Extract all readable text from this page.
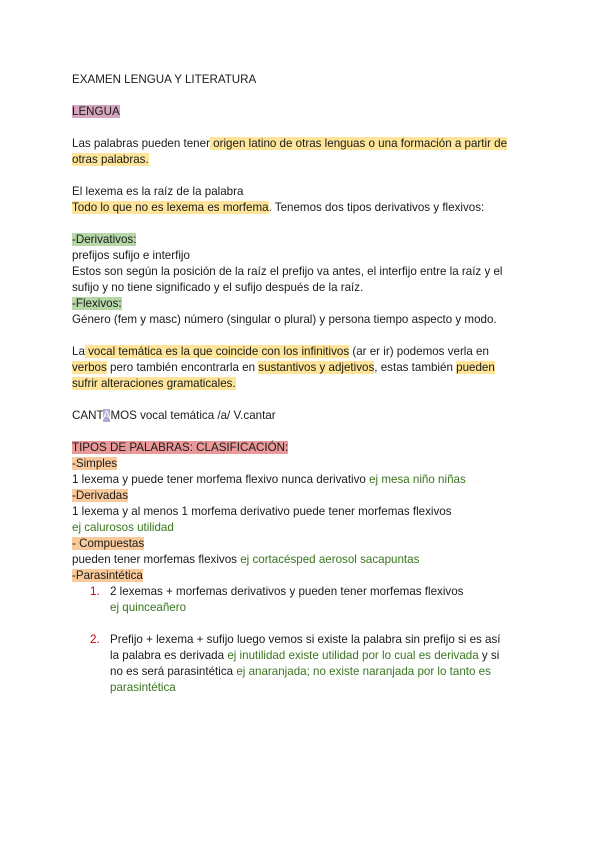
EXAMEN LENGUA Y LITERATURA

LENGUA

Las palabras pueden tener origen latino de otras lenguas o una formación a partir de
otras palabras.

El lexema es la raíz de la palabra
Todo lo que no es lexema es morfema. Tenemos dos tipos derivativos y flexivos:

-Derivativos:
prefijos sufijo e interfijo
Estos son según la posición de la raíz el prefijo va antes, el interfijo entre la raíz y el
sufijo y no tiene significado y el sufijo después de la raíz.
-Flexivos:
Género (fem y masc) número (singular o plural) y persona tiempo aspecto y modo.

La vocal temática es la que coincide con los infinitivos (ar er ir) podemos verla en
verbos pero también encontrarla en sustantivos y adjetivos, estas también pueden
sufrir alteraciones gramaticales.

CANTAMOS vocal temática /a/ V.cantar

TIPOS DE PALABRAS: CLASIFICACIÓN:
-Simples
1 lexema y puede tener morfema flexivo nunca derivativo ej mesa niño niñas
-Derivadas
1 lexema y al menos 1 morfema derivativo puede tener morfemas flexivos
ej calurosos utilidad
- Compuestas
pueden tener morfemas flexivos ej cortacésped aerosol sacapuntas
-Parasintética

1. 2 lexemas + morfemas derivativos y pueden tener morfemas flexivos
ej quinceañero
2. Prefijo + lexema + sufijo luego vemos si existe la palabra sin prefijo si es así
la palabra es derivada ej inutilidad existe utilidad por lo cual es derivada y si
no es será parasintética ej anaranjada; no existe naranjada por lo tanto es
parasintética
